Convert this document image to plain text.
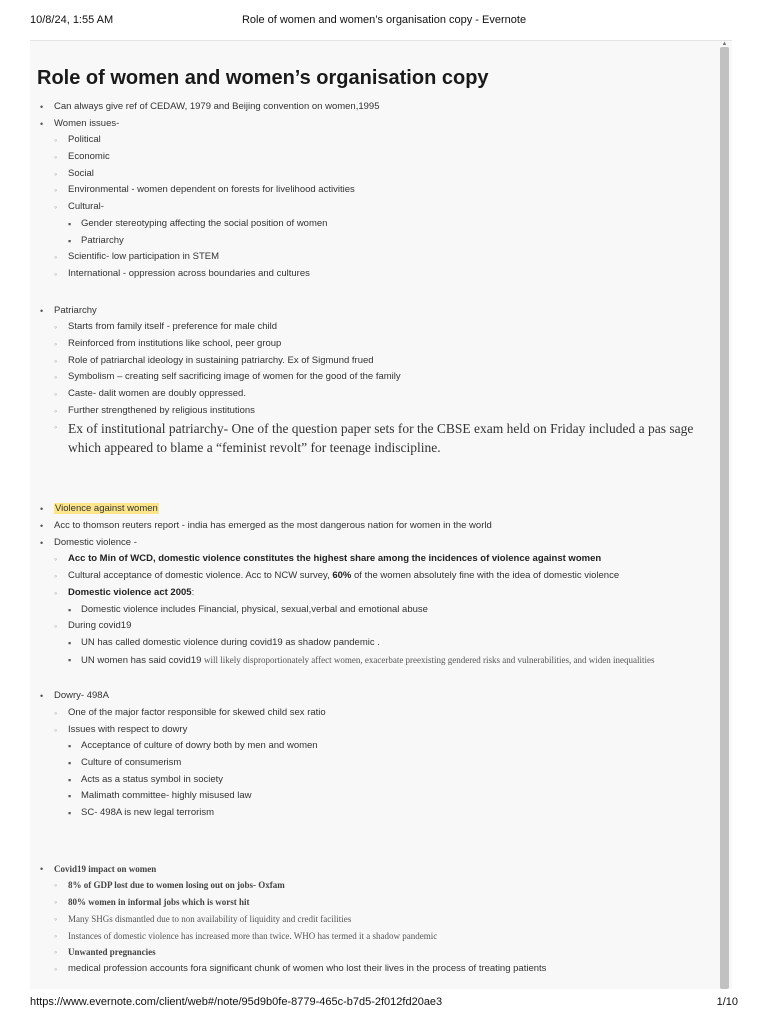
10/8/24, 1:55 AM	Role of women and women’s organisation copy - Evernote
▲
Role of women and women’s organisation copy
• Can always give ref of CEDAW, 1979 and Beijing convention on women,1995
• Women issues-
◦ Political
◦ Economic
◦ Social
◦ Environmental - women dependent on forests for livelihood activities
◦ Cultural-
▪ Gender stereotyping affecting the social position of women
▪ Patriarchy
◦ Scientific- low participation in STEM
◦ International - oppression across boundaries and cultures
• Patriarchy
◦ Starts from family itself - preference for male child
◦ Reinforced from institutions like school, peer group
◦ Role of patriarchal ideology in sustaining patriarchy. Ex of Sigmund frued
◦ Symbolism – creating self sacrificing image of women for the good of the family
◦ Caste- dalit women are doubly oppressed.
◦ Further strengthened by religious institutions
◦ Ex of institutional patriarchy- One of the question paper sets for the CBSE exam held on Friday included a pas sage which appeared to blame a “feminist revolt” for teenage indiscipline.
• Violence against women
• Acc to thomson reuters report - india has emerged as the most dangerous nation for women in the world
• Domestic violence -
◦ Acc to Min of WCD, domestic violence constitutes the highest share among the incidences of violence against women
◦ Cultural acceptance of domestic violence. Acc to NCW survey, 60% of the women absolutely fine with the idea of domestic violence
◦ Domestic violence act 2005:
▪ Domestic violence includes Financial, physical, sexual,verbal and emotional abuse
◦ During covid19
▪ UN has called domestic violence during covid19 as shadow pandemic .
▪ UN women has said covid19 will likely disproportionately affect women, exacerbate preexisting gendered risks and vulnerabilities, and widen inequalities
• Dowry- 498A
◦ One of the major factor responsible for skewed child sex ratio
◦ Issues with respect to dowry
▪ Acceptance of culture of dowry both by men and women
▪ Culture of consumerism
▪ Acts as a status symbol in society
▪ Malimath committee- highly misused law
▪ SC- 498A is new legal terrorism
• Covid19 impact on women
◦ 8% of GDP lost due to women losing out on jobs- Oxfam
◦ 80% women in informal jobs which is worst hit
◦ Many SHGs dismantled due to non availability of liquidity and credit facilities
◦ Instances of domestic violence has increased more than twice. WHO has termed it a shadow pandemic
◦ Unwanted pregnancies
◦ medical profession accounts fora significant chunk of women who lost their lives in the process of treating patients
https://www.evernote.com/client/web#/note/95d9b0fe-8779-465c-b7d5-2f012fd20ae3	1/10
